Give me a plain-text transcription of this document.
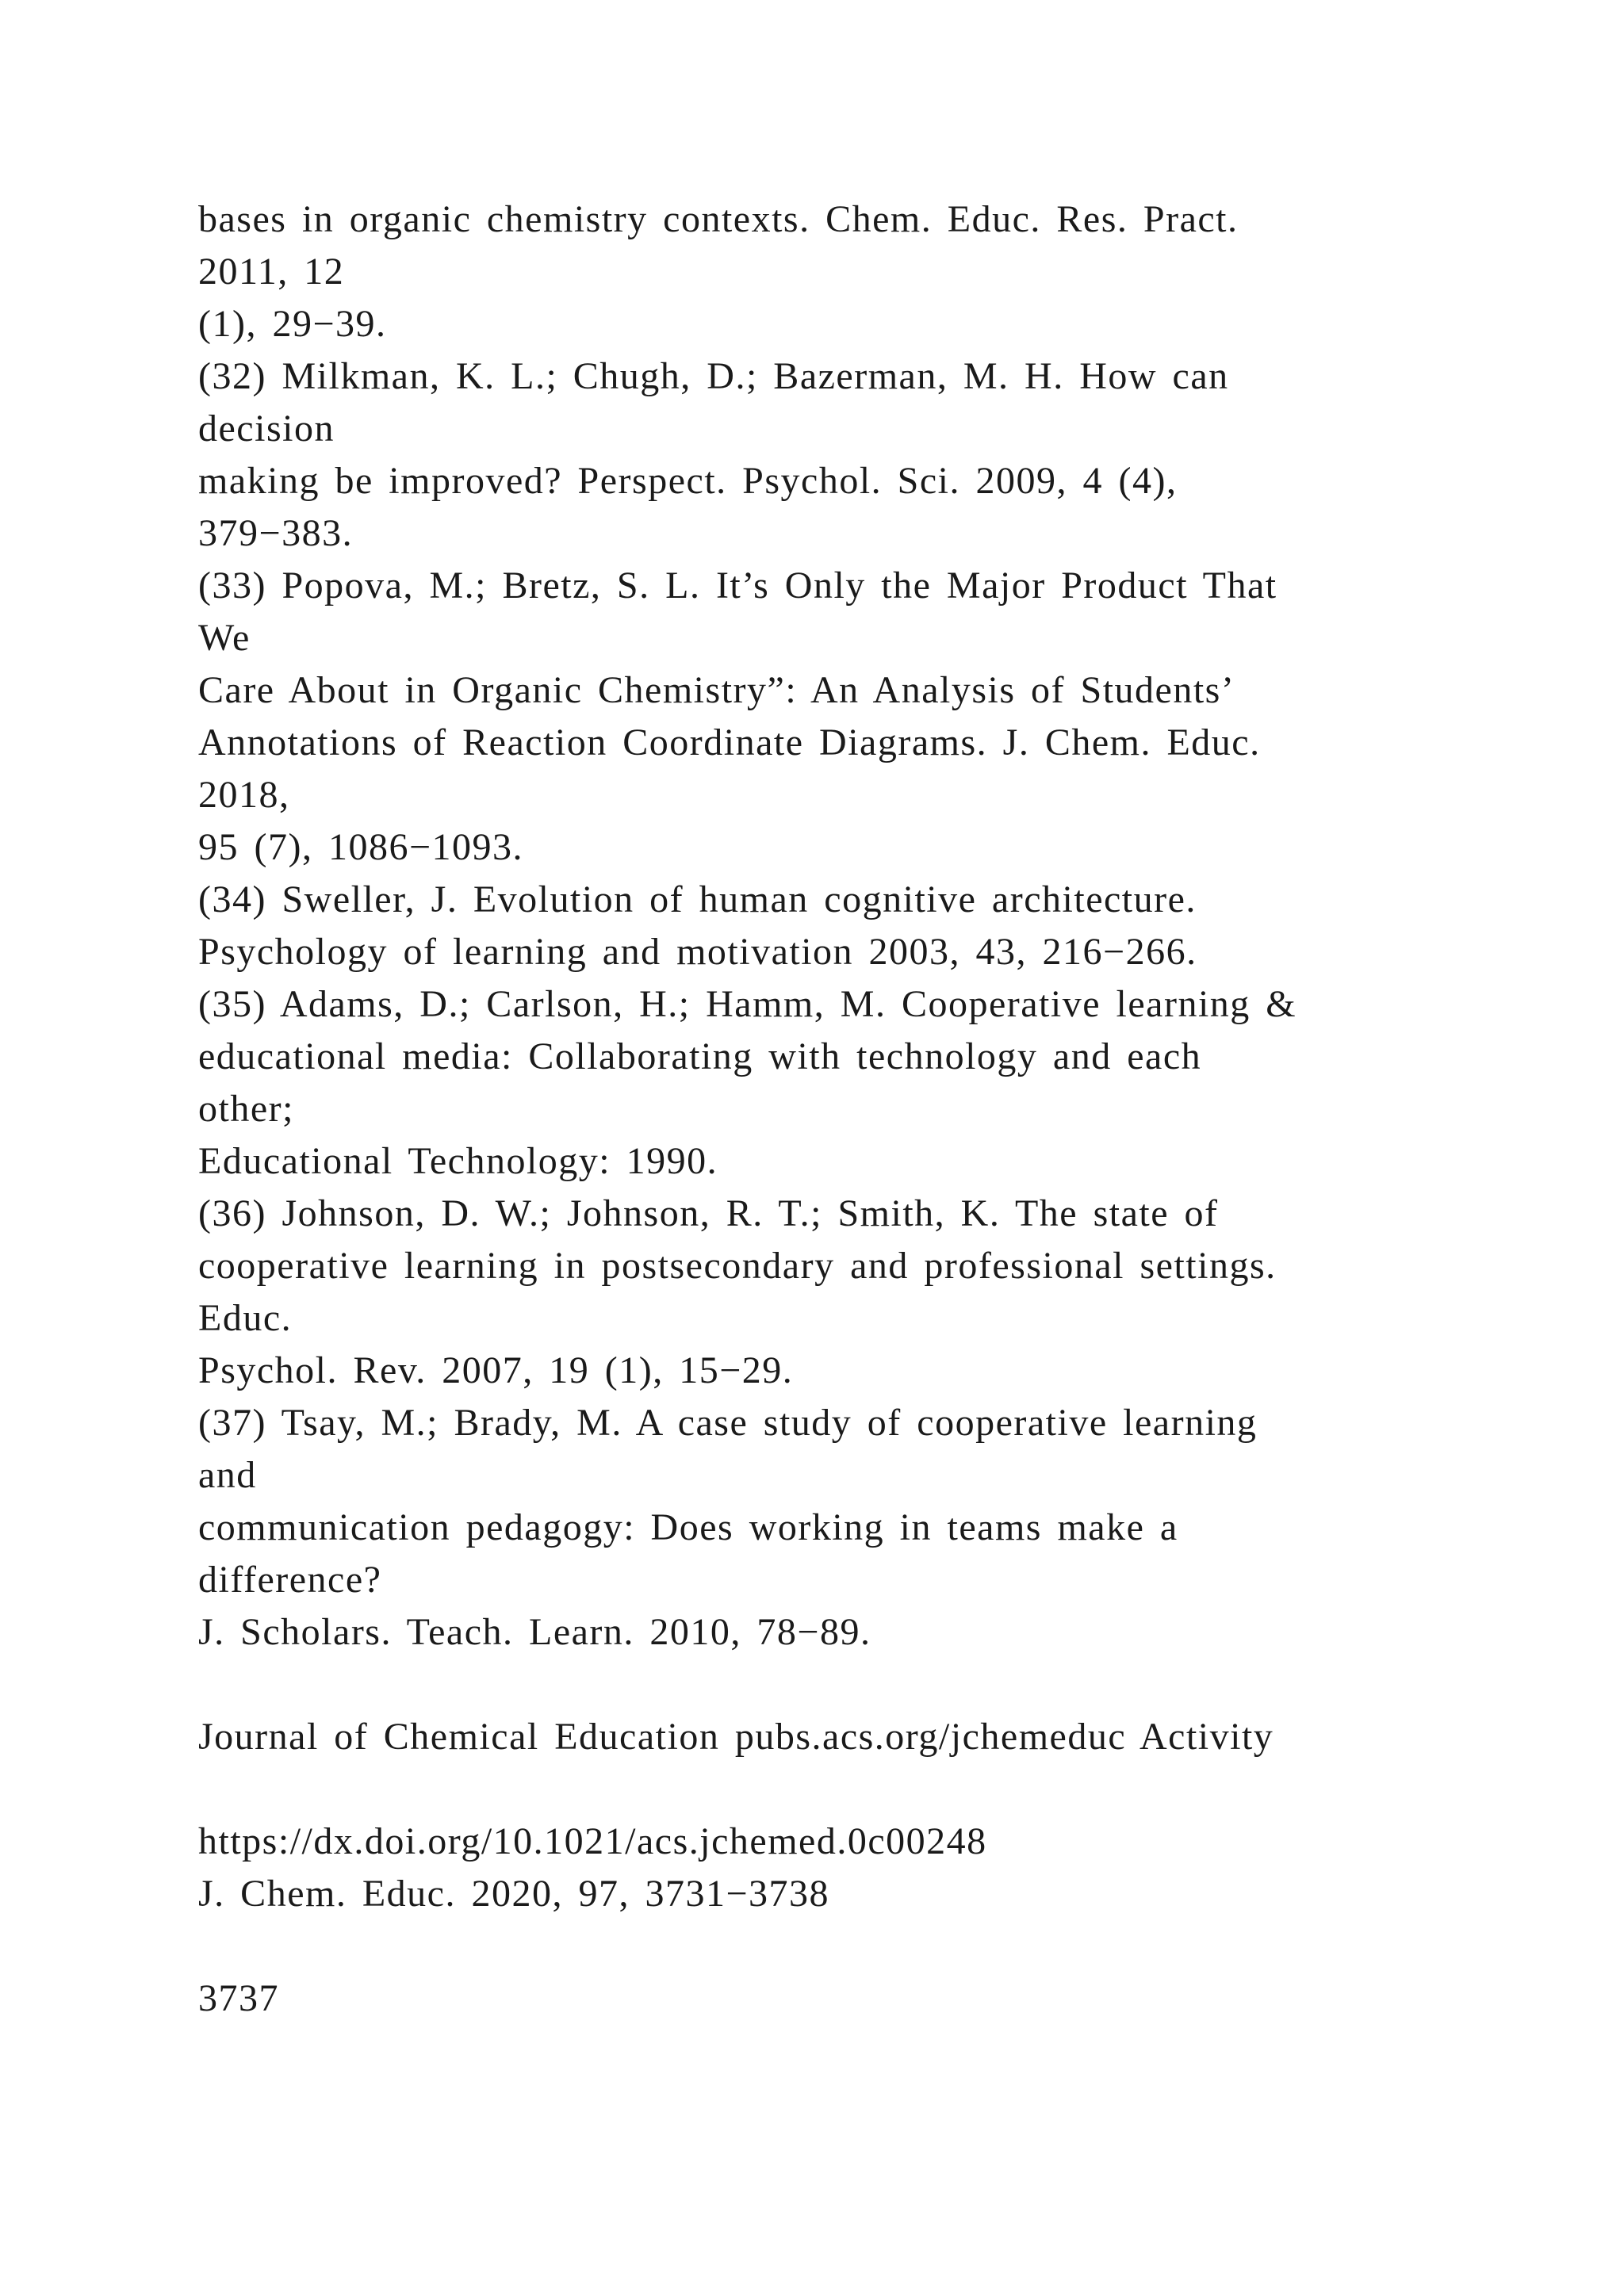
bases in organic chemistry contexts. Chem. Educ. Res. Pract.
2011, 12
(1), 29−39.
(32) Milkman, K. L.; Chugh, D.; Bazerman, M. H. How can
decision
making be improved? Perspect. Psychol. Sci. 2009, 4 (4),
379−383.
(33) Popova, M.; Bretz, S. L. It’s Only the Major Product That
We
Care About in Organic Chemistry”: An Analysis of Students’
Annotations of Reaction Coordinate Diagrams. J. Chem. Educ.
2018,
95 (7), 1086−1093.
(34) Sweller, J. Evolution of human cognitive architecture.
Psychology of learning and motivation 2003, 43, 216−266.
(35) Adams, D.; Carlson, H.; Hamm, M. Cooperative learning &
educational media: Collaborating with technology and each
other;
Educational Technology: 1990.
(36) Johnson, D. W.; Johnson, R. T.; Smith, K. The state of
cooperative learning in postsecondary and professional settings.
Educ.
Psychol. Rev. 2007, 19 (1), 15−29.
(37) Tsay, M.; Brady, M. A case study of cooperative learning
and
communication pedagogy: Does working in teams make a
difference?
J. Scholars. Teach. Learn. 2010, 78−89.
Journal of Chemical Education pubs.acs.org/jchemeduc Activity
https://dx.doi.org/10.1021/acs.jchemed.0c00248
J. Chem. Educ. 2020, 97, 3731−3738
3737
